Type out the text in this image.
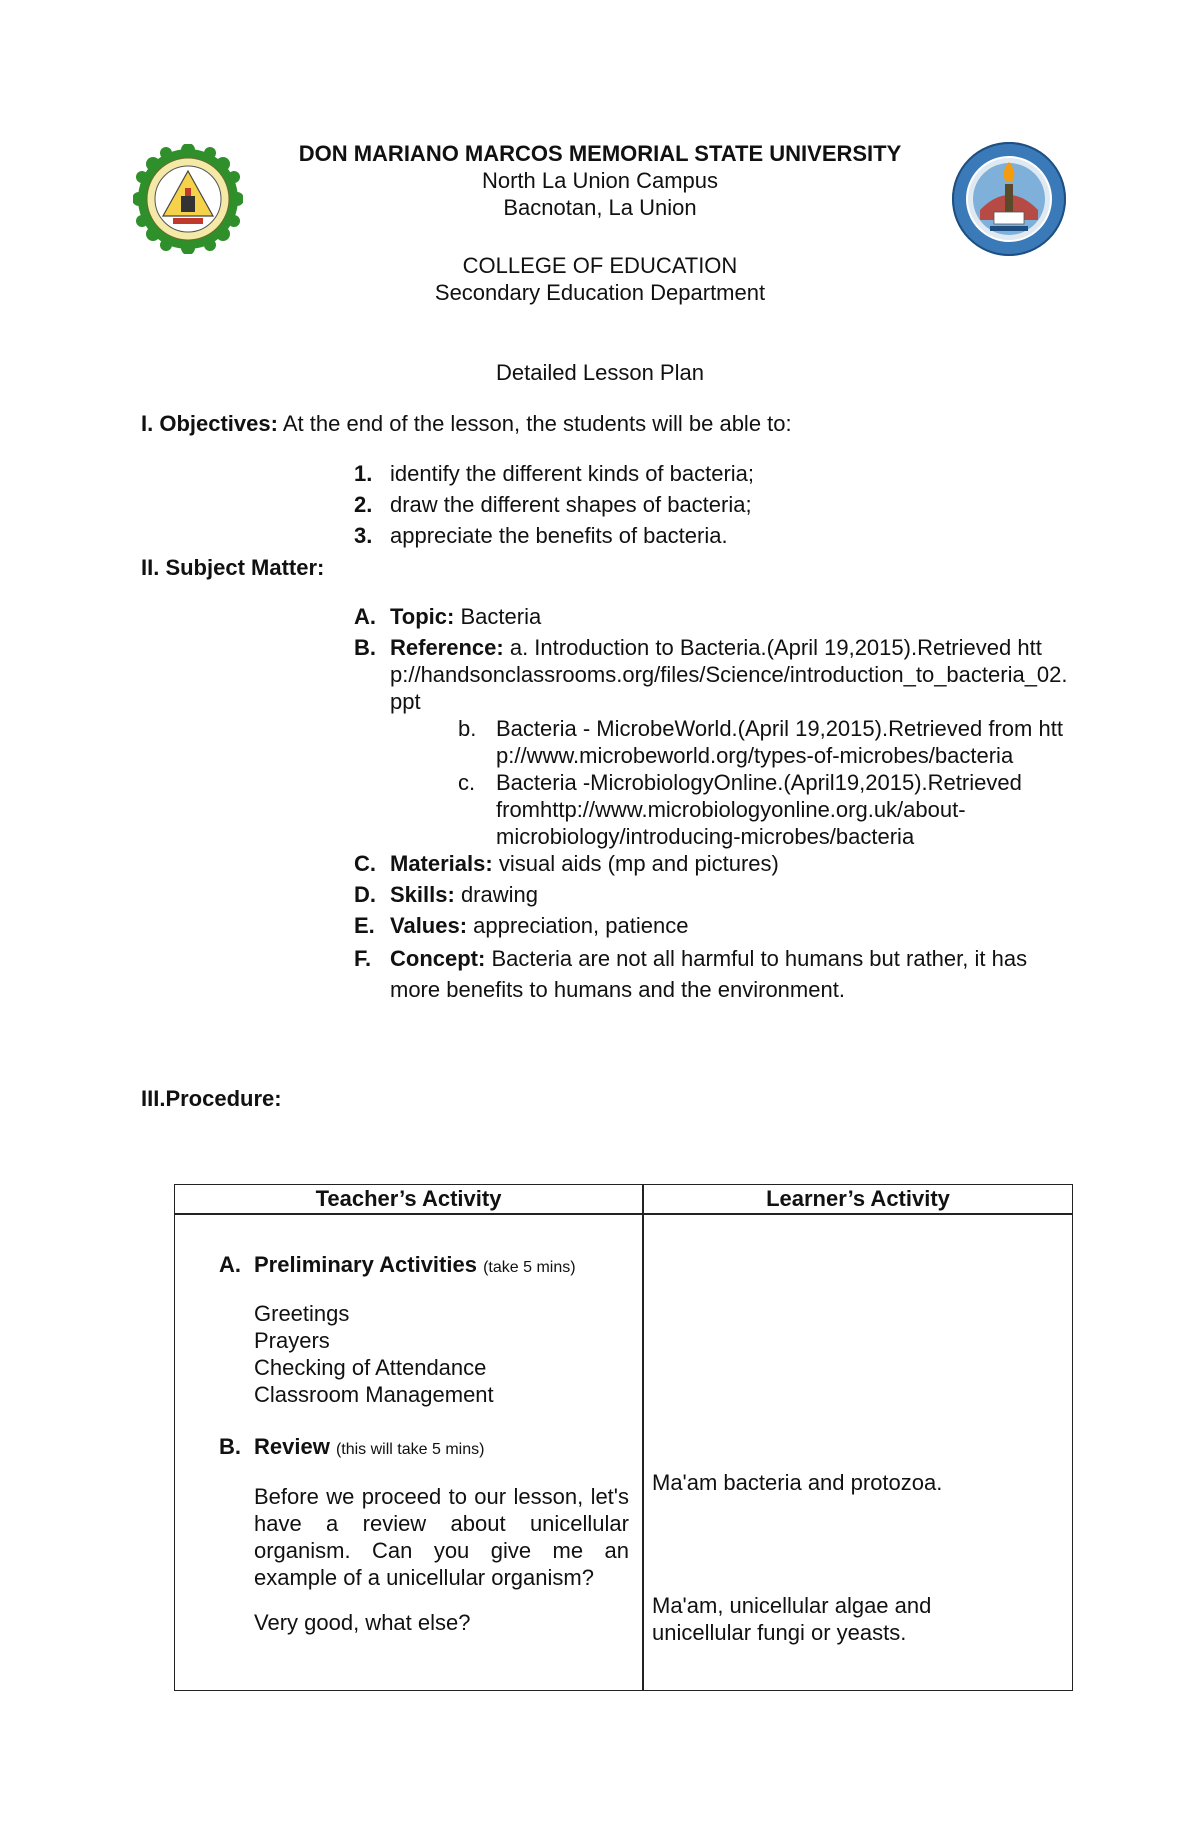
DON MARIANO MARCOS MEMORIAL STATE UNIVERSITY
North La Union Campus
Bacnotan, La Union
COLLEGE OF EDUCATION
Secondary Education Department
Detailed Lesson Plan
I. Objectives: At the end of the lesson, the students will be able to:
1. identify the different kinds of bacteria;
2. draw the different shapes of bacteria;
3. appreciate the benefits of bacteria.
II. Subject Matter:
A. Topic: Bacteria
B. Reference: a. Introduction to Bacteria.(April 19,2015).Retrieved http://handsonclassrooms.org/files/Science/introduction_to_bacteria_02.ppt
b. Bacteria - MicrobeWorld.(April 19,2015).Retrieved from http://www.microbeworld.org/types-of-microbes/bacteria
c. Bacteria -MicrobiologyOnline.(April19,2015).Retrieved fromhttp://www.microbiologyonline.org.uk/about-microbiology/introducing-microbes/bacteria
C. Materials: visual aids (mp and pictures)
D. Skills: drawing
E. Values: appreciation, patience
F. Concept: Bacteria are not all harmful to humans but rather, it has more benefits to humans and the environment.
III.Procedure:
Teacher’s Activity	Learner’s Activity
A. Preliminary Activities (take 5 mins)
Greetings
Prayers
Checking of Attendance
Classroom Management
B. Review (this will take 5 mins)
Before we proceed to our lesson, let's have a review about unicellular organism. Can you give me an example of a unicellular organism?
Very good, what else?
Ma'am bacteria and protozoa.
Ma'am, unicellular algae and unicellular fungi or yeasts.
